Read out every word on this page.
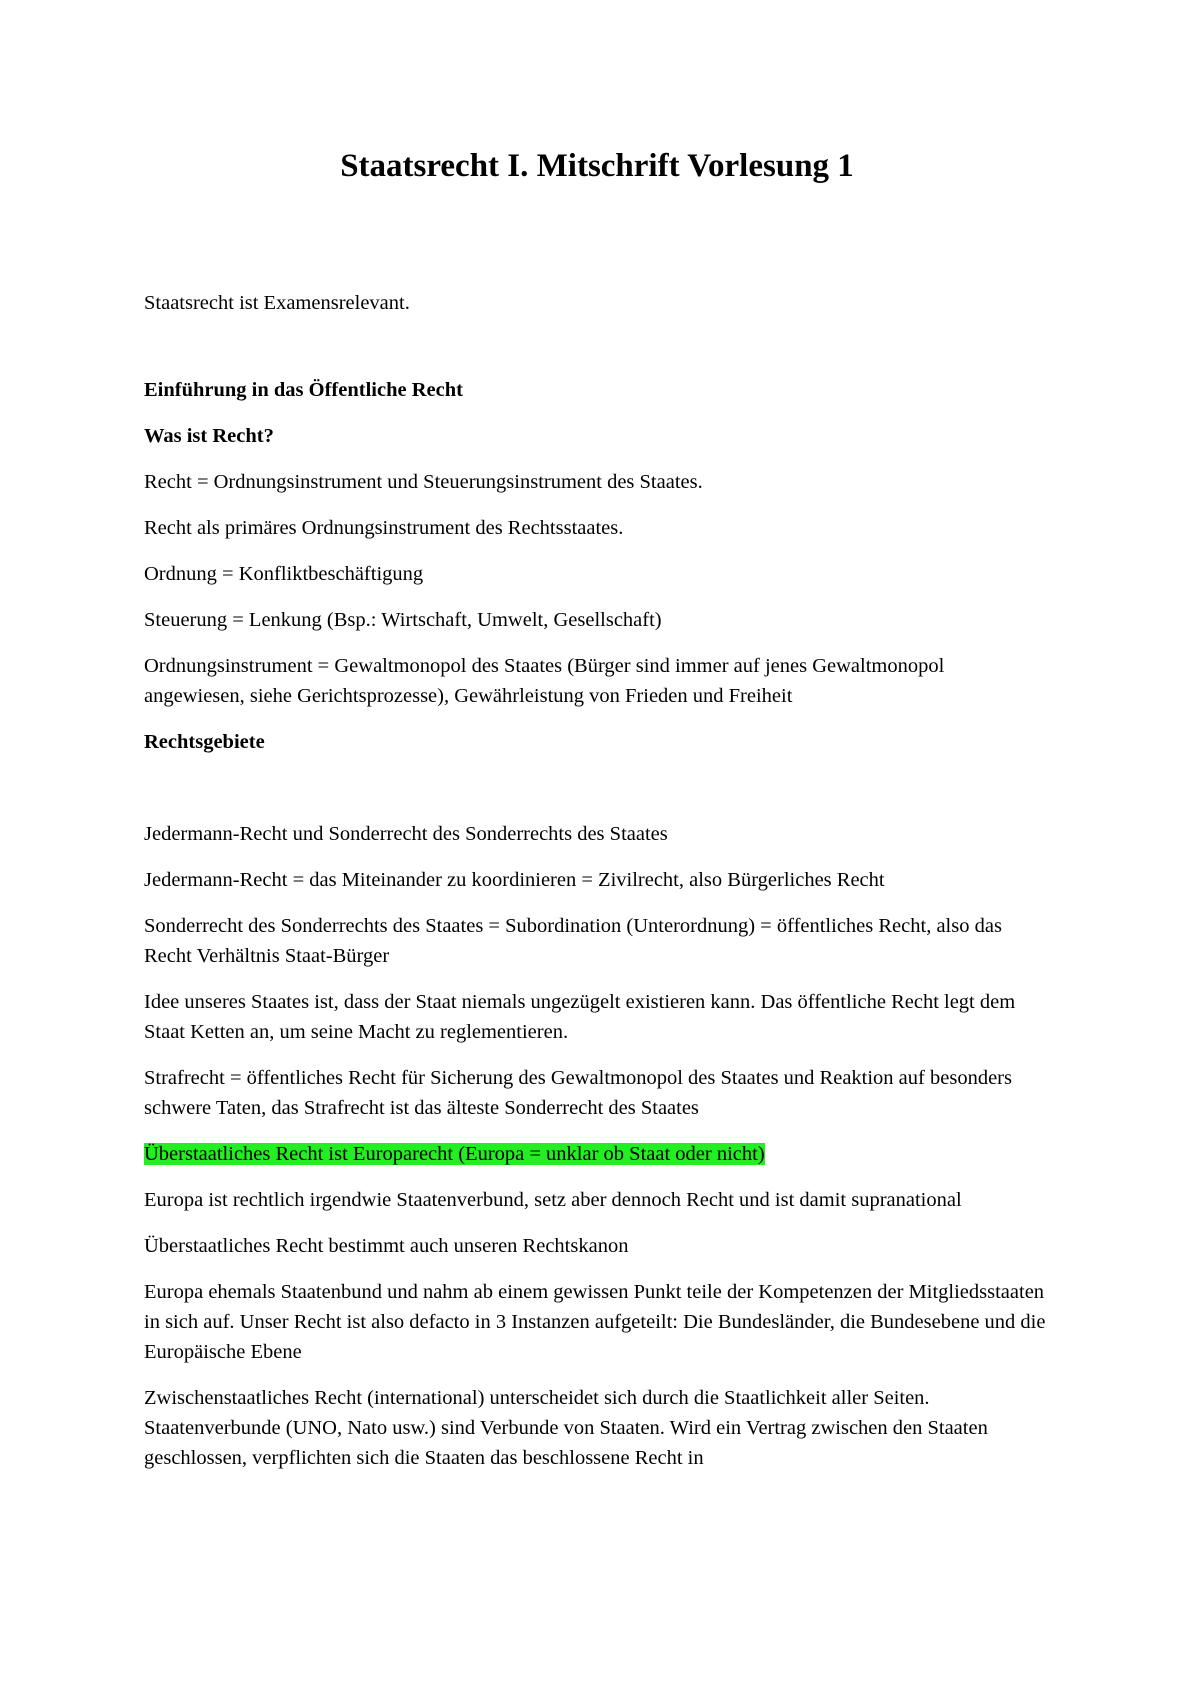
Staatsrecht I. Mitschrift Vorlesung 1

Staatsrecht ist Examensrelevant.

Einführung in das Öffentliche Recht

Was ist Recht?

Recht = Ordnungsinstrument und Steuerungsinstrument des Staates.

Recht als primäres Ordnungsinstrument des Rechtsstaates.

Ordnung = Konfliktbeschäftigung

Steuerung = Lenkung (Bsp.: Wirtschaft, Umwelt, Gesellschaft)

Ordnungsinstrument = Gewaltmonopol des Staates (Bürger sind immer auf jenes Gewaltmonopol angewiesen, siehe Gerichtsprozesse), Gewährleistung von Frieden und Freiheit

Rechtsgebiete

Jedermann-Recht und Sonderrecht des Sonderrechts des Staates

Jedermann-Recht = das Miteinander zu koordinieren = Zivilrecht, also Bürgerliches Recht

Sonderrecht des Sonderrechts des Staates = Subordination (Unterordnung) = öffentliches Recht, also das Recht Verhältnis Staat-Bürger

Idee unseres Staates ist, dass der Staat niemals ungezügelt existieren kann. Das öffentliche Recht legt dem Staat Ketten an, um seine Macht zu reglementieren.

Strafrecht = öffentliches Recht für Sicherung des Gewaltmonopol des Staates und Reaktion auf besonders schwere Taten, das Strafrecht ist das älteste Sonderrecht des Staates

Überstaatliches Recht ist Europarecht (Europa = unklar ob Staat oder nicht)

Europa ist rechtlich irgendwie Staatenverbund, setz aber dennoch Recht und ist damit supranational

Überstaatliches Recht bestimmt auch unseren Rechtskanon

Europa ehemals Staatenbund und nahm ab einem gewissen Punkt teile der Kompetenzen der Mitgliedsstaaten in sich auf. Unser Recht ist also defacto in 3 Instanzen aufgeteilt: Die Bundesländer, die Bundesebene und die Europäische Ebene

Zwischenstaatliches Recht (international) unterscheidet sich durch die Staatlichkeit aller Seiten. Staatenverbunde (UNO, Nato usw.) sind Verbunde von Staaten. Wird ein Vertrag zwischen den Staaten geschlossen, verpflichten sich die Staaten das beschlossene Recht in
